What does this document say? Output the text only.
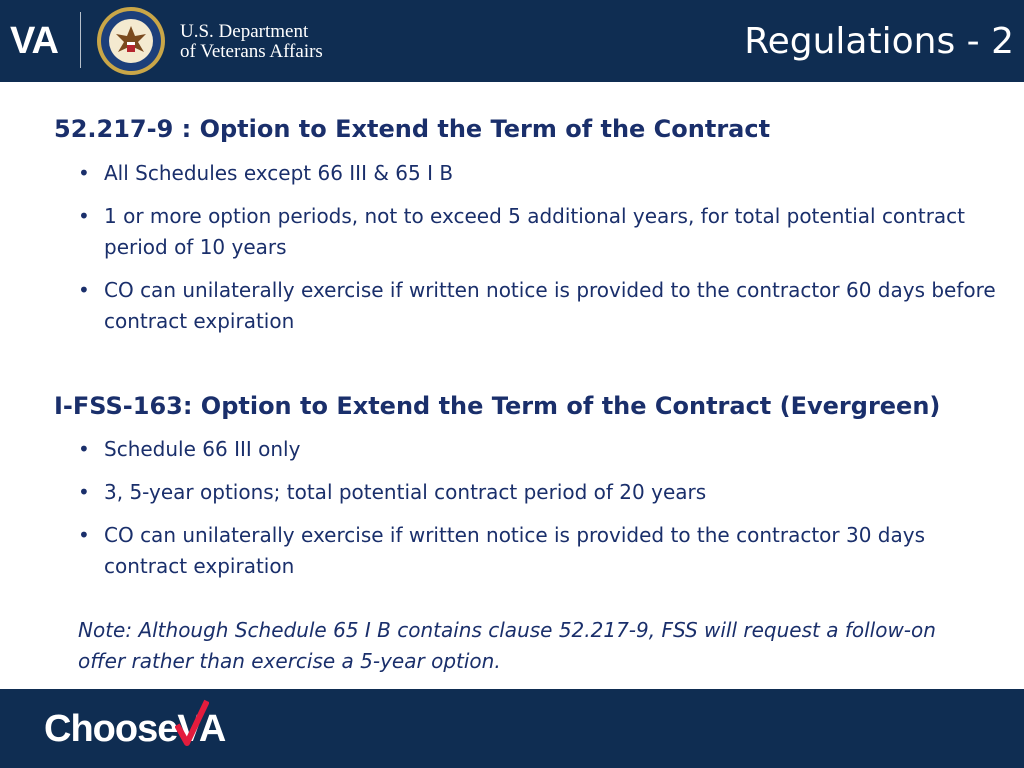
VA	U.S. Department
of Veterans Affairs	Regulations - 2
52.217-9 : Option to Extend the Term of the Contract
• All Schedules except 66 III & 65 I B
• 1 or more option periods, not to exceed 5 additional years, for total potential contract period of 10 years
• CO can unilaterally exercise if written notice is provided to the contractor 60 days before contract expiration
I-FSS-163: Option to Extend the Term of the Contract (Evergreen)
• Schedule 66 III only
• 3, 5-year options; total potential contract period of 20 years
• CO can unilaterally exercise if written notice is provided to the contractor 30 days contract expiration

Note: Although Schedule 65 I B contains clause 52.217-9, FSS will request a follow-on offer rather than exercise a 5-year option.

Choose
VA
